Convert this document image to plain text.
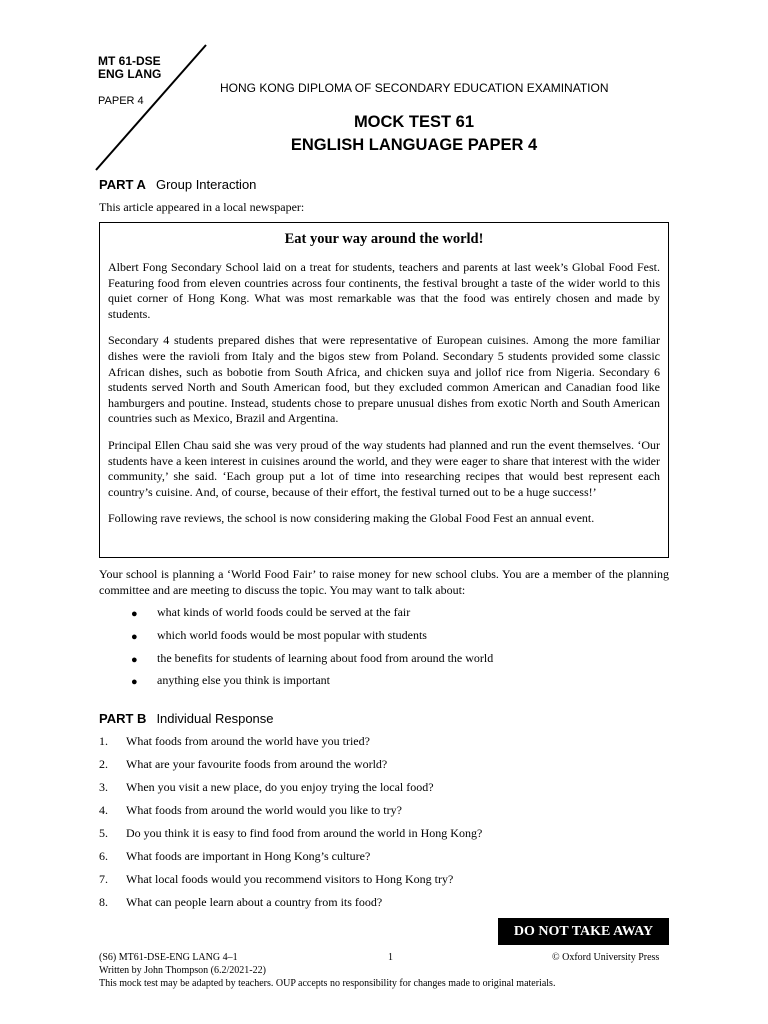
MT 61-DSE
ENG LANG
PAPER 4
HONG KONG DIPLOMA OF SECONDARY EDUCATION EXAMINATION
MOCK TEST 61
ENGLISH LANGUAGE PAPER 4
PART A Group Interaction
This article appeared in a local newspaper:
Eat your way around the world!

Albert Fong Secondary School laid on a treat for students, teachers and parents at last week’s Global Food Fest. Featuring food from eleven countries across four continents, the festival brought a taste of the wider world to this quiet corner of Hong Kong. What was most remarkable was that the food was entirely chosen and made by students.

Secondary 4 students prepared dishes that were representative of European cuisines. Among the more familiar dishes were the ravioli from Italy and the bigos stew from Poland. Secondary 5 students provided some classic African dishes, such as bobotie from South Africa, and chicken suya and jollof rice from Nigeria. Secondary 6 students served North and South American food, but they excluded common American and Canadian food like hamburgers and poutine. Instead, students chose to prepare unusual dishes from exotic North and South American countries such as Mexico, Brazil and Argentina.

Principal Ellen Chau said she was very proud of the way students had planned and run the event themselves. ‘Our students have a keen interest in cuisines around the world, and they were eager to share that interest with the wider community,’ she said. ‘Each group put a lot of time into researching recipes that would best represent each country’s cuisine. And, of course, because of their effort, the festival turned out to be a huge success!’

Following rave reviews, the school is now considering making the Global Food Fest an annual event.

Your school is planning a ‘World Food Fair’ to raise money for new school clubs. You are a member of the planning committee and are meeting to discuss the topic. You may want to talk about:
● what kinds of world foods could be served at the fair
● which world foods would be most popular with students
● the benefits for students of learning about food from around the world
● anything else you think is important
PART B Individual Response
1. What foods from around the world have you tried?
2. What are your favourite foods from around the world?
3. When you visit a new place, do you enjoy trying the local food?
4. What foods from around the world would you like to try?
5. Do you think it is easy to find food from around the world in Hong Kong?
6. What foods are important in Hong Kong’s culture?
7. What local foods would you recommend visitors to Hong Kong try?
8. What can people learn about a country from its food?
DO NOT TAKE AWAY
(S6) MT61-DSE-ENG LANG 4–1	1	© Oxford University Press
Written by John Thompson (6.2/2021-22)
This mock test may be adapted by teachers. OUP accepts no responsibility for changes made to original materials.
